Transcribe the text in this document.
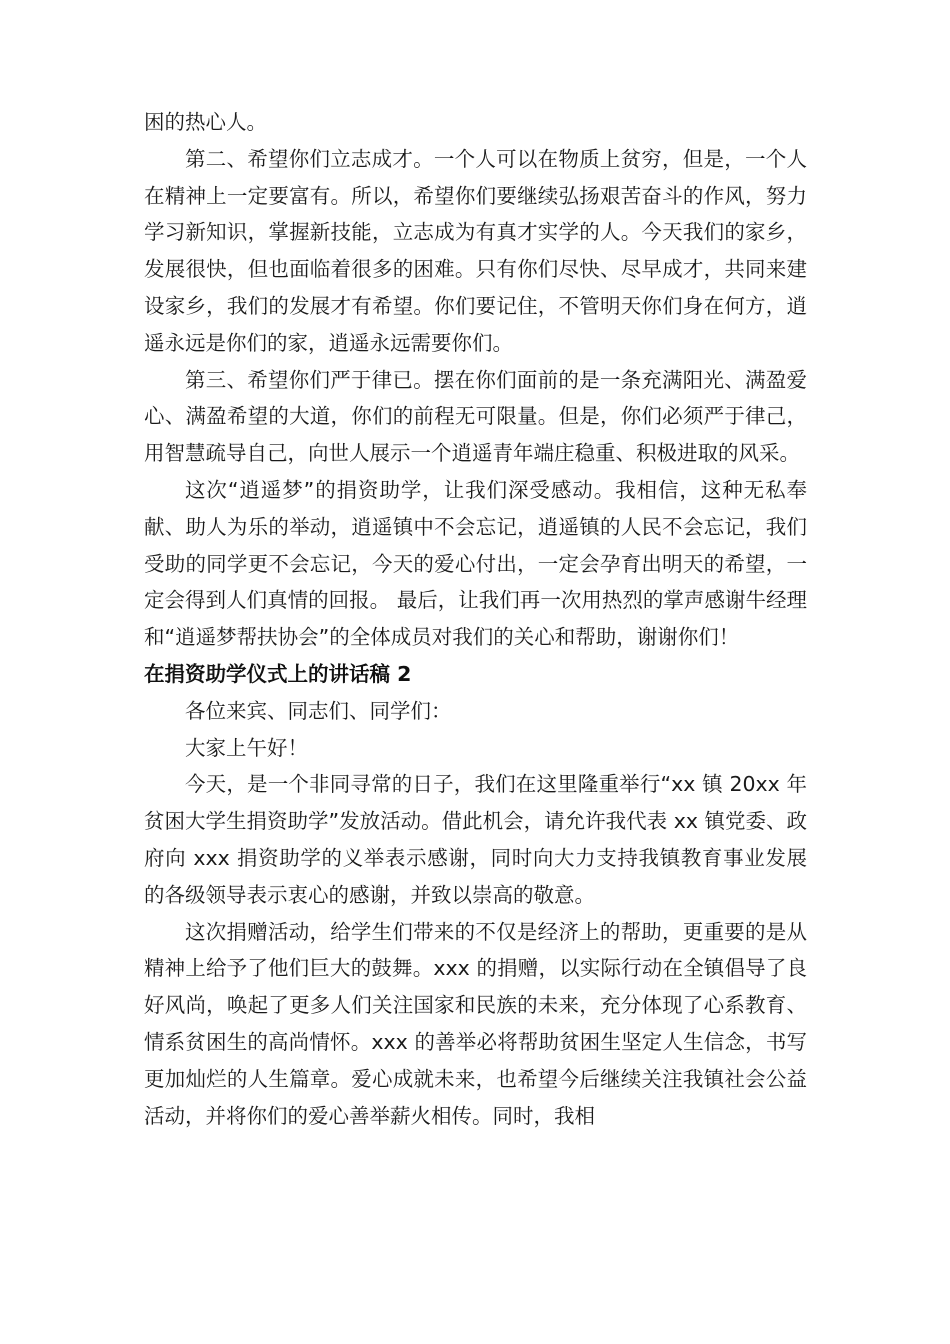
困的热心人。

第二、希望你们立志成才。一个人可以在物质上贫穷，但是，一个人在精神上一定要富有。所以，希望你们要继续弘扬艰苦奋斗的作风，努力学习新知识，掌握新技能，立志成为有真才实学的人。今天我们的家乡，发展很快，但也面临着很多的困难。只有你们尽快、尽早成才，共同来建设家乡，我们的发展才有希望。你们要记住，不管明天你们身在何方，逍遥永远是你们的家，逍遥永远需要你们。

第三、希望你们严于律已。摆在你们面前的是一条充满阳光、满盈爱心、满盈希望的大道，你们的前程无可限量。但是，你们必须严于律己，用智慧疏导自己，向世人展示一个逍遥青年端庄稳重、积极进取的风采。

这次“逍遥梦”的捐资助学，让我们深受感动。我相信，这种无私奉献、助人为乐的举动，逍遥镇中不会忘记，逍遥镇的人民不会忘记，我们受助的同学更不会忘记，今天的爱心付出，一定会孕育出明天的希望，一定会得到人们真情的回报。 最后，让我们再一次用热烈的掌声感谢牛经理和“逍遥梦帮扶协会”的全体成员对我们的关心和帮助，谢谢你们！

在捐资助学仪式上的讲话稿 2

各位来宾、同志们、同学们：

大家上午好！

今天，是一个非同寻常的日子，我们在这里隆重举行“xx 镇 20xx 年贫困大学生捐资助学”发放活动。借此机会，请允许我代表 xx 镇党委、政府向 xxx 捐资助学的义举表示感谢，同时向大力支持我镇教育事业发展的各级领导表示衷心的感谢，并致以崇高的敬意。

这次捐赠活动，给学生们带来的不仅是经济上的帮助，更重要的是从精神上给予了他们巨大的鼓舞。xxx 的捐赠，以实际行动在全镇倡导了良好风尚，唤起了更多人们关注国家和民族的未来，充分体现了心系教育、情系贫困生的高尚情怀。xxx 的善举必将帮助贫困生坚定人生信念，书写更加灿烂的人生篇章。爱心成就未来，也希望今后继续关注我镇社会公益活动，并将你们的爱心善举薪火相传。同时，我相
